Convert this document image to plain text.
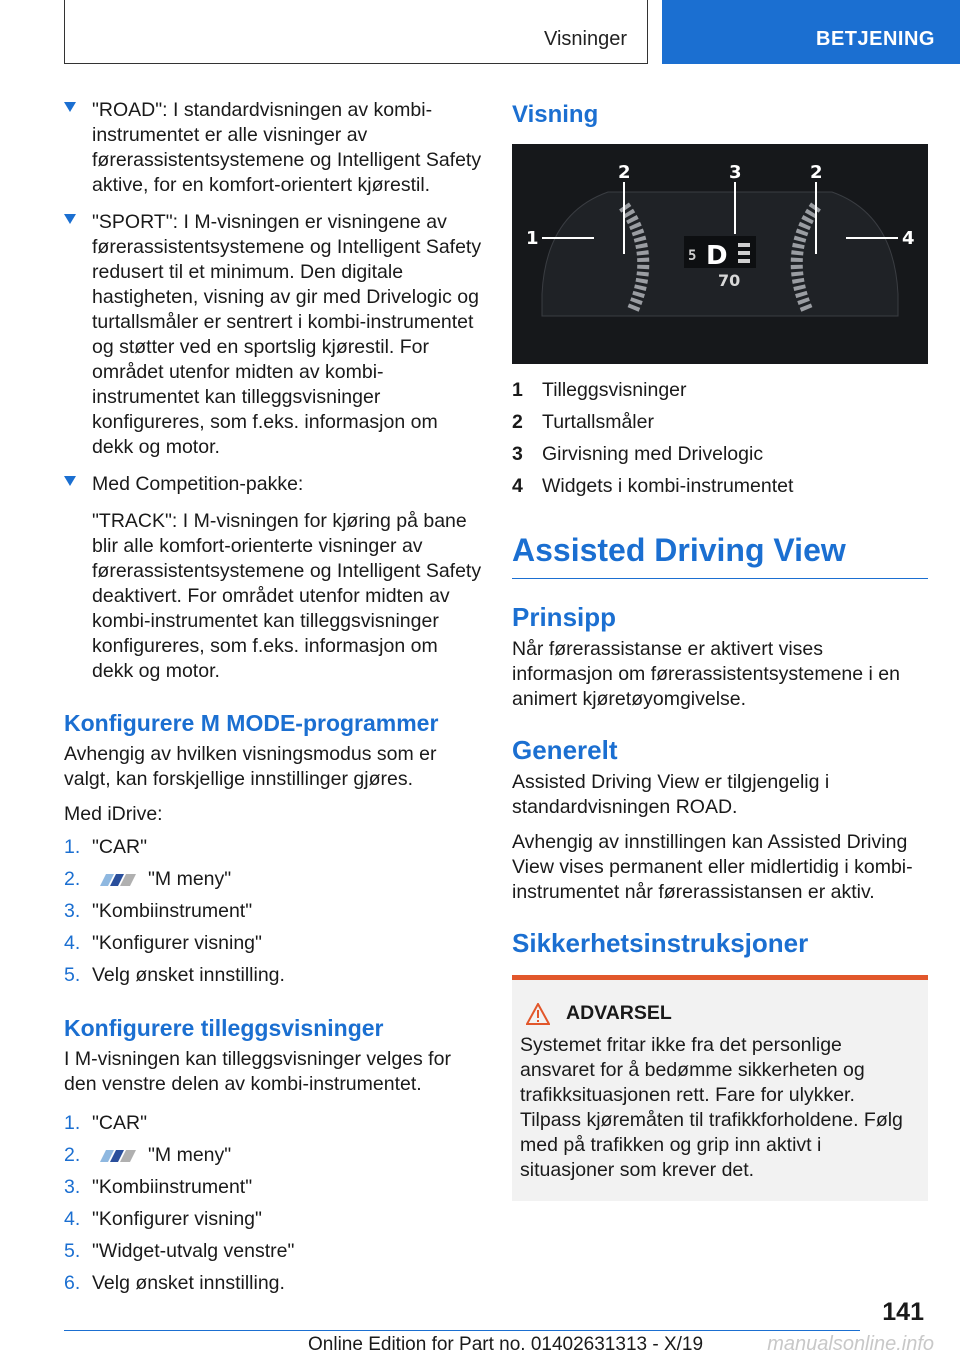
Visninger	BETJENING

"ROAD": I standardvisningen av kombi-instrumentet er alle visninger av førerassistentsystemene og Intelligent Safety aktive, for en komfort-orientert kjørestil.

"SPORT": I M-visningen er visningene av førerassistentsystemene og Intelligent Safety redusert til et minimum. Den digitale hastigheten, visning av gir med Drivelogic og turtallsmåler er sentrert i kombi-instrumentet og støtter ved en sportslig kjørestil. For området utenfor midten av kombi-instrumentet kan tilleggsvisninger konfigureres, som f.eks. informasjon om dekk og motor.

Med Competition-pakke:

"TRACK": I M-visningen for kjøring på bane blir alle komfort-orienterte visninger av førerassistentsystemene og Intelligent Safety deaktivert. For området utenfor midten av kombi-instrumentet kan tilleggsvisninger konfigureres, som f.eks. informasjon om dekk og motor.

Konfigurere M MODE-programmer

Avhengig av hvilken visningsmodus som er valgt, kan forskjellige innstillinger gjøres.

Med iDrive:

1. "CAR"
2.	"M meny"
3. "Kombiinstrument"
4. "Konfigurer visning"
5. Velg ønsket innstilling.
Konfigurere tilleggsvisninger

I M-visningen kan tilleggsvisninger velges for den venstre delen av kombi-instrumentet.

1. "CAR"
2.	"M meny"
3. "Kombiinstrument"
4. "Konfigurer visning"
5. "Widget-utvalg venstre"
6. Velg ønsket innstilling.
Visning
5 D
70
2	3	2
1	4
1 Tilleggsvisninger
2 Turtallsmåler
3 Girvisning med Drivelogic
4 Widgets i kombi-instrumentet
Assisted Driving View
Prinsipp

Når førerassistanse er aktivert vises informasjon om førerassistentsystemene i en animert kjøretøyomgivelse.

Generelt

Assisted Driving View er tilgjengelig i standardvisningen ROAD.

Avhengig av innstillingen kan Assisted Driving View vises permanent eller midlertidig i kombi-instrumentet når førerassistansen er aktiv.

Sikkerhetsinstruksjoner
ADVARSEL

Systemet fritar ikke fra det personlige ansvaret for å bedømme sikkerheten og trafikksituasjonen rett. Fare for ulykker. Tilpass kjøremåten til trafikkforholdene. Følg med på trafikken og grip inn aktivt i situasjoner som krever det.

141
Online Edition for Part no. 01402631313 - X/19	manualsonline.info
